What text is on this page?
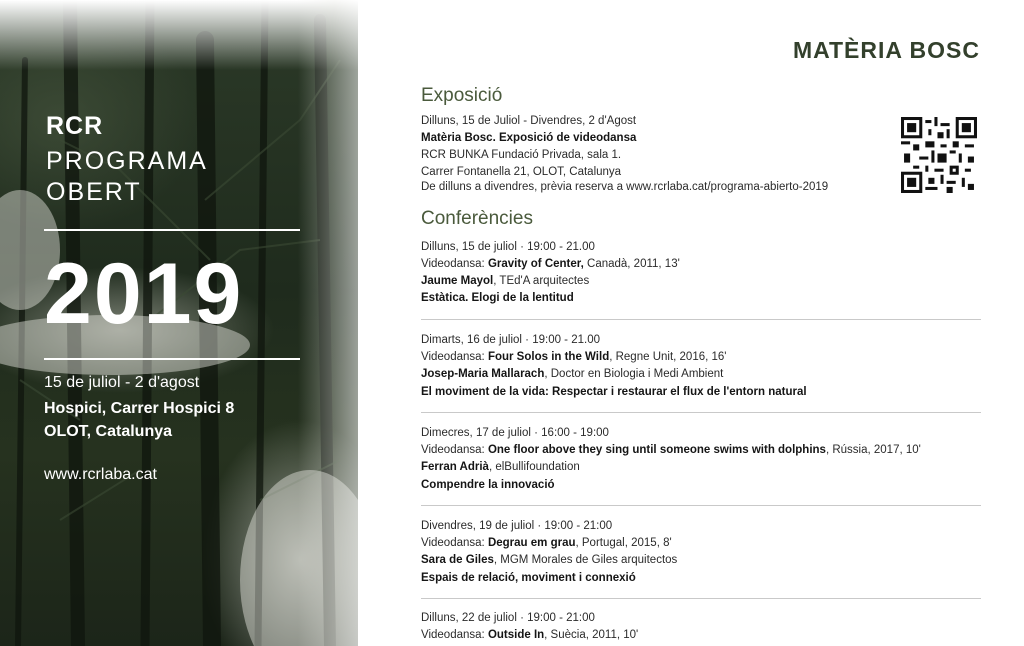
RCR
PROGRAMA
OBERT
2019
15 de juliol - 2 d'agost
Hospici, Carrer Hospici 8
OLOT, Catalunya
www.rcrlaba.cat
MATÈRIA BOSC
Exposició
Dilluns, 15 de Juliol - Divendres, 2 d'Agost
Matèria Bosc. Exposició de videodansa
RCR BUNKA Fundació Privada, sala 1.
Carrer Fontanella 21, OLOT, Catalunya
De dilluns a divendres, prèvia reserva a www.rcrlaba.cat/programa-abierto-2019
Conferències
Dilluns, 15 de juliol · 19:00 - 21.00
Videodansa: Gravity of Center, Canadà, 2011, 13'
Jaume Mayol, TEd'A arquitectes
Estàtica. Elogi de la lentitud
Dimarts, 16 de juliol · 19:00 - 21.00
Videodansa: Four Solos in the Wild, Regne Unit, 2016, 16'
Josep-Maria Mallarach, Doctor en Biologia i Medi Ambient
El moviment de la vida: Respectar i restaurar el flux de l'entorn natural
Dimecres, 17 de juliol · 16:00 - 19:00
Videodansa: One floor above they sing until someone swims with dolphins, Rússia, 2017, 10'
Ferran Adrià, elBullifoundation
Compendre la innovació
Divendres, 19 de juliol · 19:00 - 21:00
Videodansa: Degrau em grau, Portugal, 2015, 8'
Sara de Giles, MGM Morales de Giles arquitectos
Espais de relació, moviment i connexió
Dilluns, 22 de juliol · 19:00 - 21:00
Videodansa: Outside In, Suècia, 2011, 10'
